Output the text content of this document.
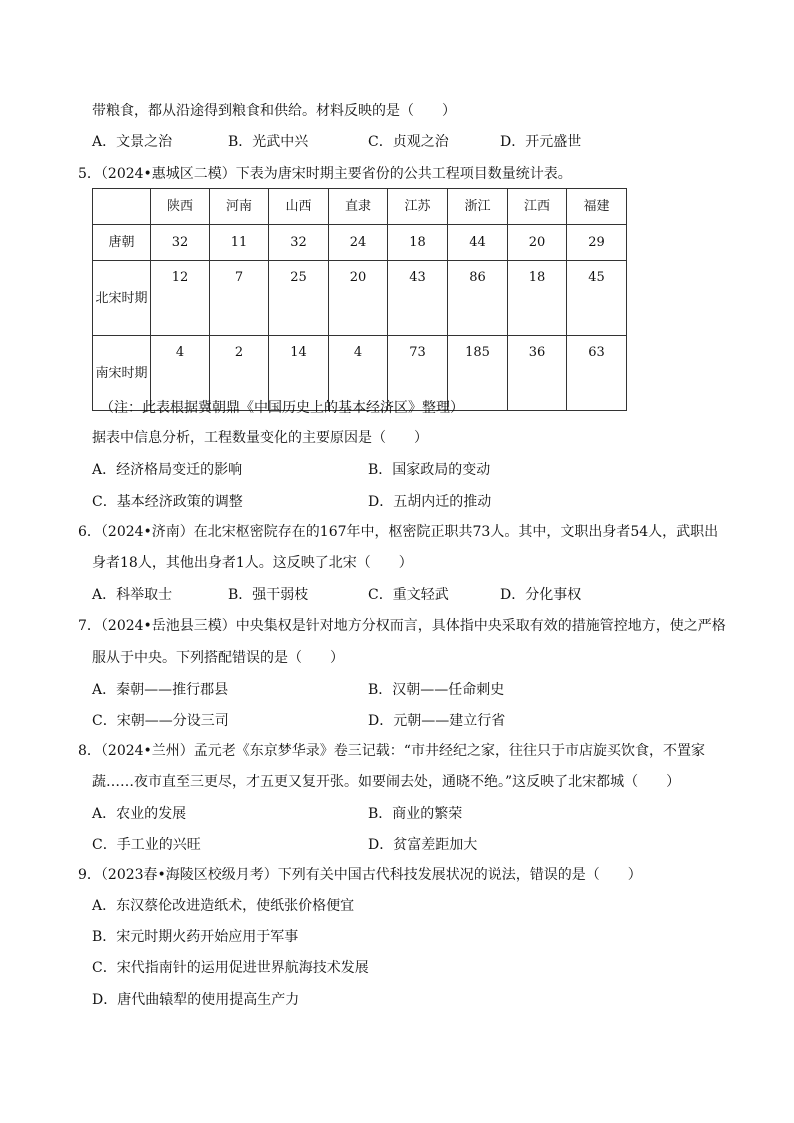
带粮食，都从沿途得到粮食和供给。材料反映的是（　　）
A．文景之治	B．光武中兴	C．贞观之治	D．开元盛世
5．（2024•惠城区二模）下表为唐宋时期主要省份的公共工程项目数量统计表。
	陕西	河南	山西	直隶	江苏	浙江	江西	福建
唐朝	32	11	32	24	18	44	20	29
北宋时期	12	7	25	20	43	86	18	45
南宋时期	4	2	14	4	73	185	36	63
（注：此表根据冀朝鼎《中国历史上的基本经济区》整理）
据表中信息分析，工程数量变化的主要原因是（　　）
A．经济格局变迁的影响	B．国家政局的变动
C．基本经济政策的调整	D．五胡内迁的推动
6．（2024•济南）在北宋枢密院存在的167年中，枢密院正职共73人。其中，文职出身者54人，武职出
身者18人，其他出身者1人。这反映了北宋（　　）
A．科举取士	B．强干弱枝	C．重文轻武	D．分化事权
7．（2024•岳池县三模）中央集权是针对地方分权而言，具体指中央采取有效的措施管控地方，使之严格
服从于中央。下列搭配错误的是（　　）
A．秦朝——推行郡县	B．汉朝——任命刺史
C．宋朝——分设三司	D．元朝——建立行省
8．（2024•兰州）孟元老《东京梦华录》卷三记载：“市井经纪之家，往往只于市店旋买饮食，不置家
蔬……夜市直至三更尽，才五更又复开张。如要闹去处，通晓不绝。”这反映了北宋都城（　　）
A．农业的发展	B．商业的繁荣
C．手工业的兴旺	D．贫富差距加大
9．（2023春•海陵区校级月考）下列有关中国古代科技发展状况的说法，错误的是（　　）
A．东汉蔡伦改进造纸术，使纸张价格便宜
B．宋元时期火药开始应用于军事
C．宋代指南针的运用促进世界航海技术发展
D．唐代曲辕犁的使用提高生产力
